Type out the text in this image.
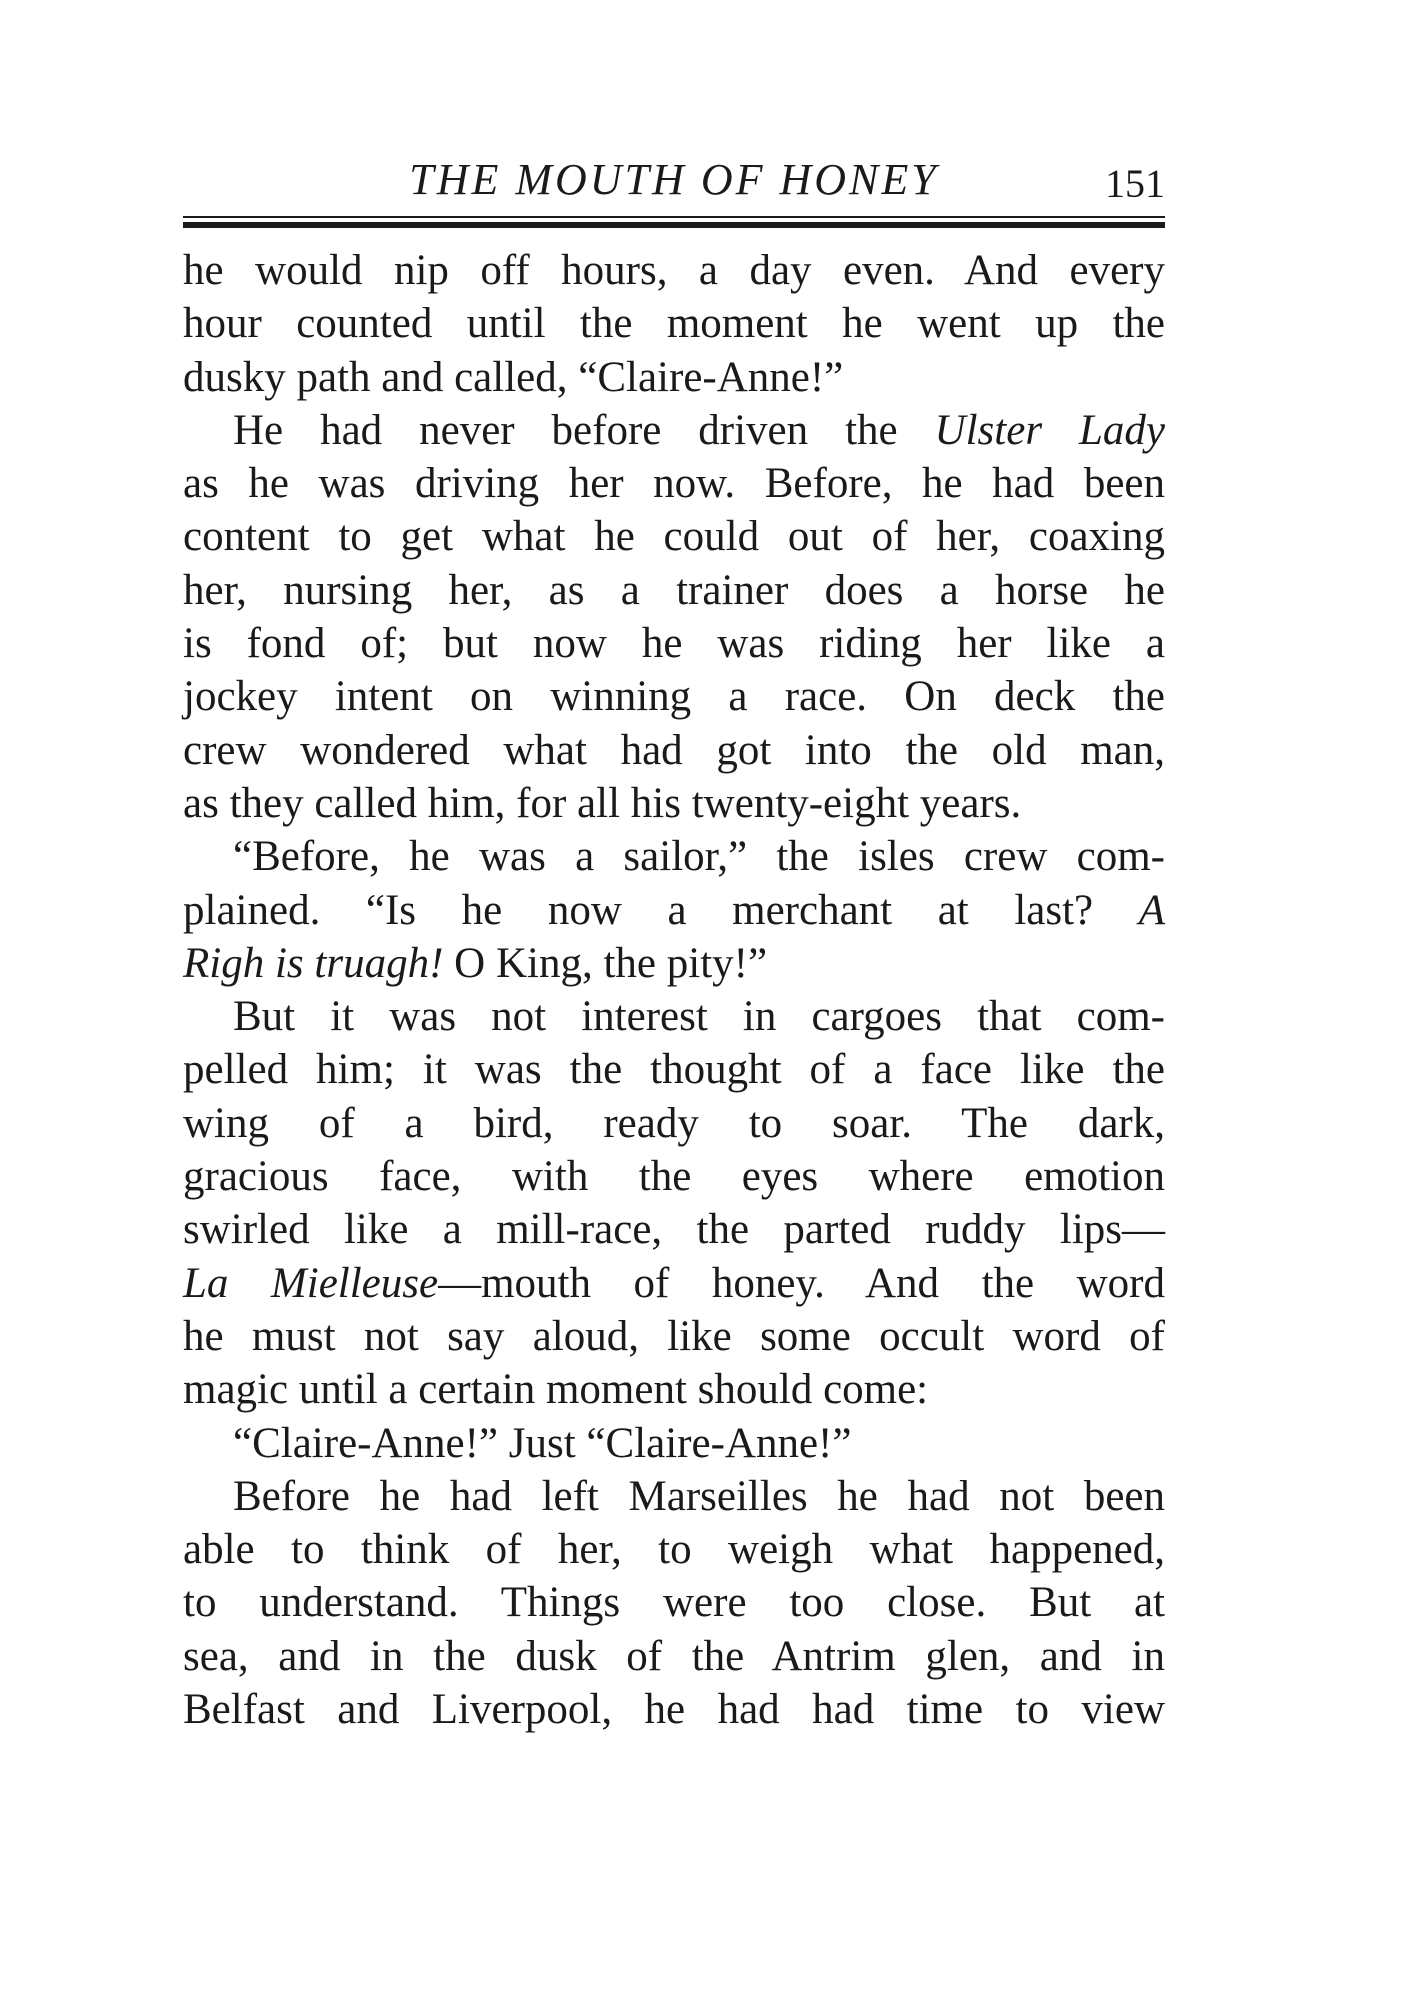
THE MOUTH OF HONEY	151
he would nip off hours, a day even. And every
hour counted until the moment he went up the
dusky path and called, “Claire-Anne!”
He had never before driven the Ulster Lady
as he was driving her now. Before, he had been
content to get what he could out of her, coaxing
her, nursing her, as a trainer does a horse he
is fond of; but now he was riding her like a
jockey intent on winning a race. On deck the
crew wondered what had got into the old man,
as they called him, for all his twenty-eight years.
“Before, he was a sailor,” the isles crew com-
plained. “Is he now a merchant at last? A
Righ is truagh! O King, the pity!”
But it was not interest in cargoes that com-
pelled him; it was the thought of a face like the
wing of a bird, ready to soar. The dark,
gracious face, with the eyes where emotion
swirled like a mill-race, the parted ruddy lips—
La Mielleuse—mouth of honey. And the word
he must not say aloud, like some occult word of
magic until a certain moment should come:
“Claire-Anne!” Just “Claire-Anne!”
Before he had left Marseilles he had not been
able to think of her, to weigh what happened,
to understand. Things were too close. But at
sea, and in the dusk of the Antrim glen, and in
Belfast and Liverpool, he had had time to view
